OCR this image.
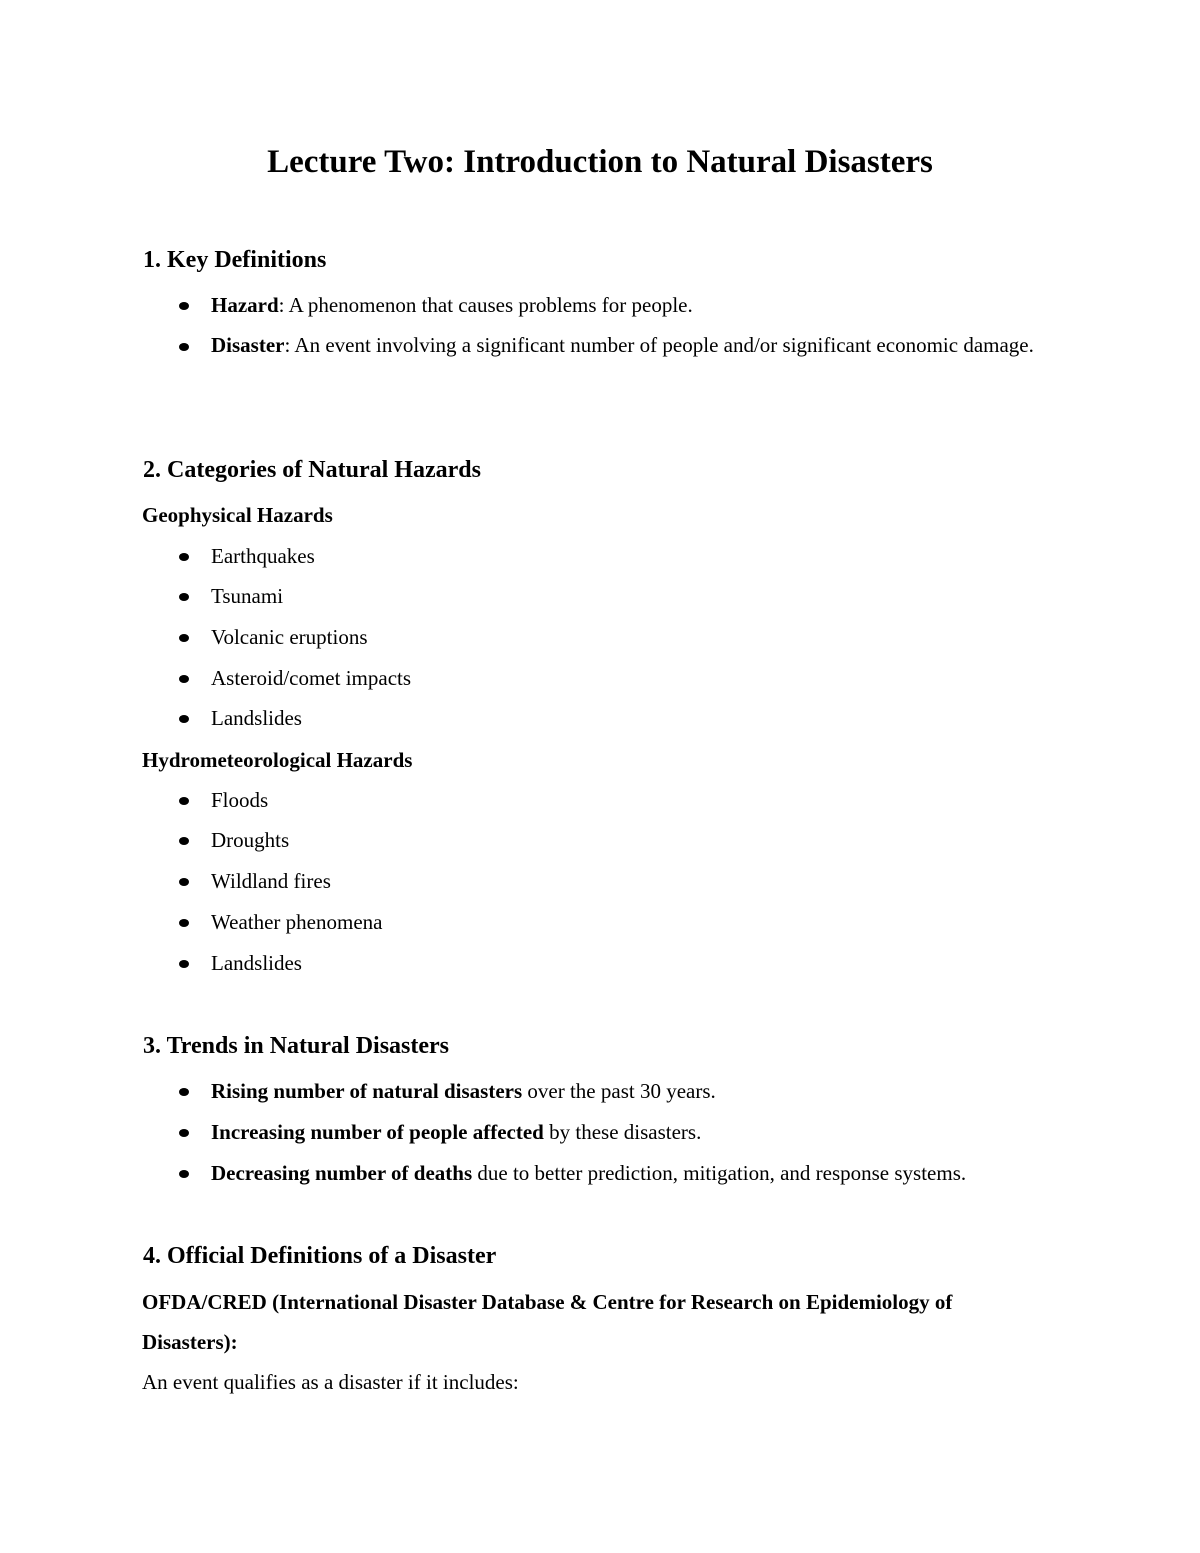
Lecture Two: Introduction to Natural Disasters
1. Key Definitions
Hazard: A phenomenon that causes problems for people.
Disaster: An event involving a significant number of people and/or significant economic damage.
2. Categories of Natural Hazards
Geophysical Hazards
Earthquakes
Tsunami
Volcanic eruptions
Asteroid/comet impacts
Landslides
Hydrometeorological Hazards
Floods
Droughts
Wildland fires
Weather phenomena
Landslides
3. Trends in Natural Disasters
Rising number of natural disasters over the past 30 years.
Increasing number of people affected by these disasters.
Decreasing number of deaths due to better prediction, mitigation, and response systems.
4. Official Definitions of a Disaster
OFDA/CRED (International Disaster Database & Centre for Research on Epidemiology of
Disasters):
An event qualifies as a disaster if it includes:
